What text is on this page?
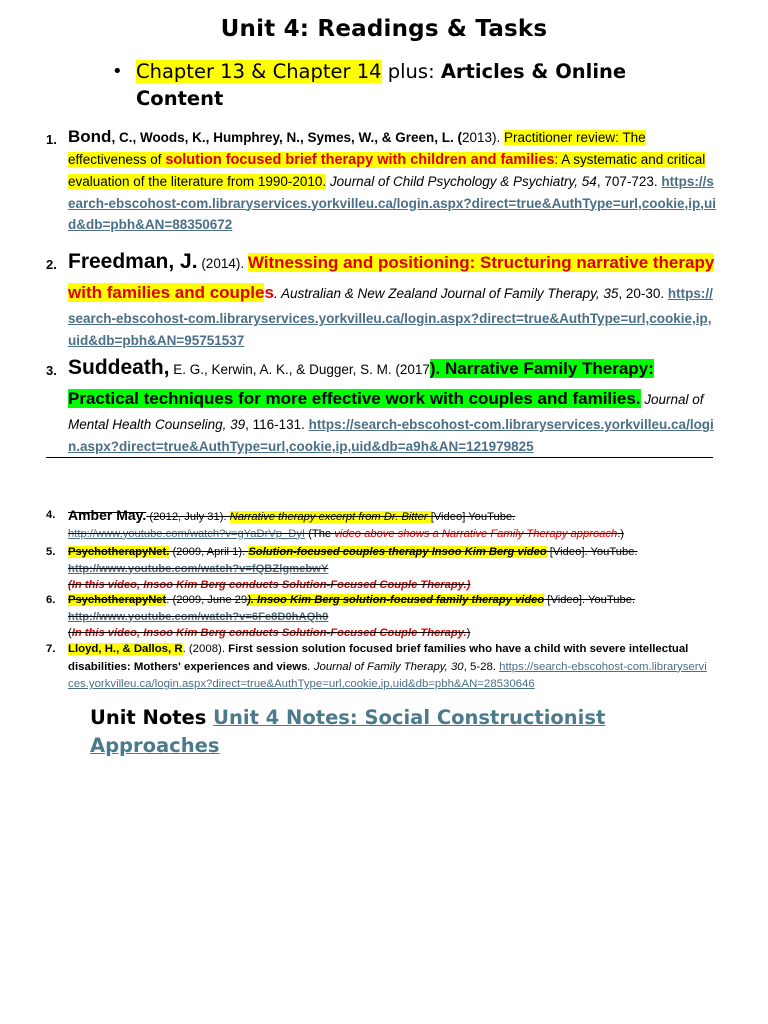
Unit 4: Readings & Tasks
• Chapter 13 & Chapter 14 plus: Articles & Online Content
1. Bond, C., Woods, K., Humphrey, N., Symes, W., & Green, L. (2013). Practitioner review: The effectiveness of solution focused brief therapy with children and families: A systematic and critical evaluation of the literature from 1990-2010. Journal of Child Psychology & Psychiatry, 54, 707-723. https://search-ebscohost-com.libraryservices.yorkvilleu.ca/login.aspx?direct=true&AuthType=url,cookie,ip,uid&db=pbh&AN=88350672
2. Freedman, J. (2014). Witnessing and positioning: Structuring narrative therapy with families and couples. Australian & New Zealand Journal of Family Therapy, 35, 20-30. https://search-ebscohost-com.libraryservices.yorkvilleu.ca/login.aspx?direct=true&AuthType=url,cookie,ip,uid&db=pbh&AN=95751537
3. Suddeath, E. G., Kerwin, A. K., & Dugger, S. M. (2017). Narrative Family Therapy: Practical techniques for more effective work with couples and families. Journal of Mental Health Counseling, 39, 116-131. https://search-ebscohost-com.libraryservices.yorkvilleu.ca/login.aspx?direct=true&AuthType=url,cookie,ip,uid&db=a9h&AN=121979825
4. Amber May. (2012, July 31). Narrative therapy excerpt from Dr. Bitter [Video] YouTube.
http://www.youtube.com/watch?v=gYaDrVp_DyI (The video above shows a Narrative Family Therapy approach.)
5. PsychotherapyNet. (2009, April 1). Solution-focused couples therapy Insoo Kim Berg video [Video]. YouTube. http://www.youtube.com/watch?v=fQBZlgmebwY
(In this video, Insoo Kim Berg conducts Solution-Focused Couple Therapy.)
6. PsychotherapyNet. (2009, June 29). Insoo Kim Berg solution-focused family therapy video [Video]. YouTube. http://www.youtube.com/watch?v=6Fe8D0hAQh0
(In this video, Insoo Kim Berg conducts Solution-Focused Couple Therapy.)
7. Lloyd, H., & Dallos, R. (2008). First session solution focused brief families who have a child with severe intellectual disabilities: Mothers' experiences and views. Journal of Family Therapy, 30, 5-28. https://search-ebscohost-com.libraryservices.yorkvilleu.ca/login.aspx?direct=true&AuthType=url,cookie,ip,uid&db=pbh&AN=28530646
Unit Notes Unit 4 Notes: Social Constructionist Approaches
